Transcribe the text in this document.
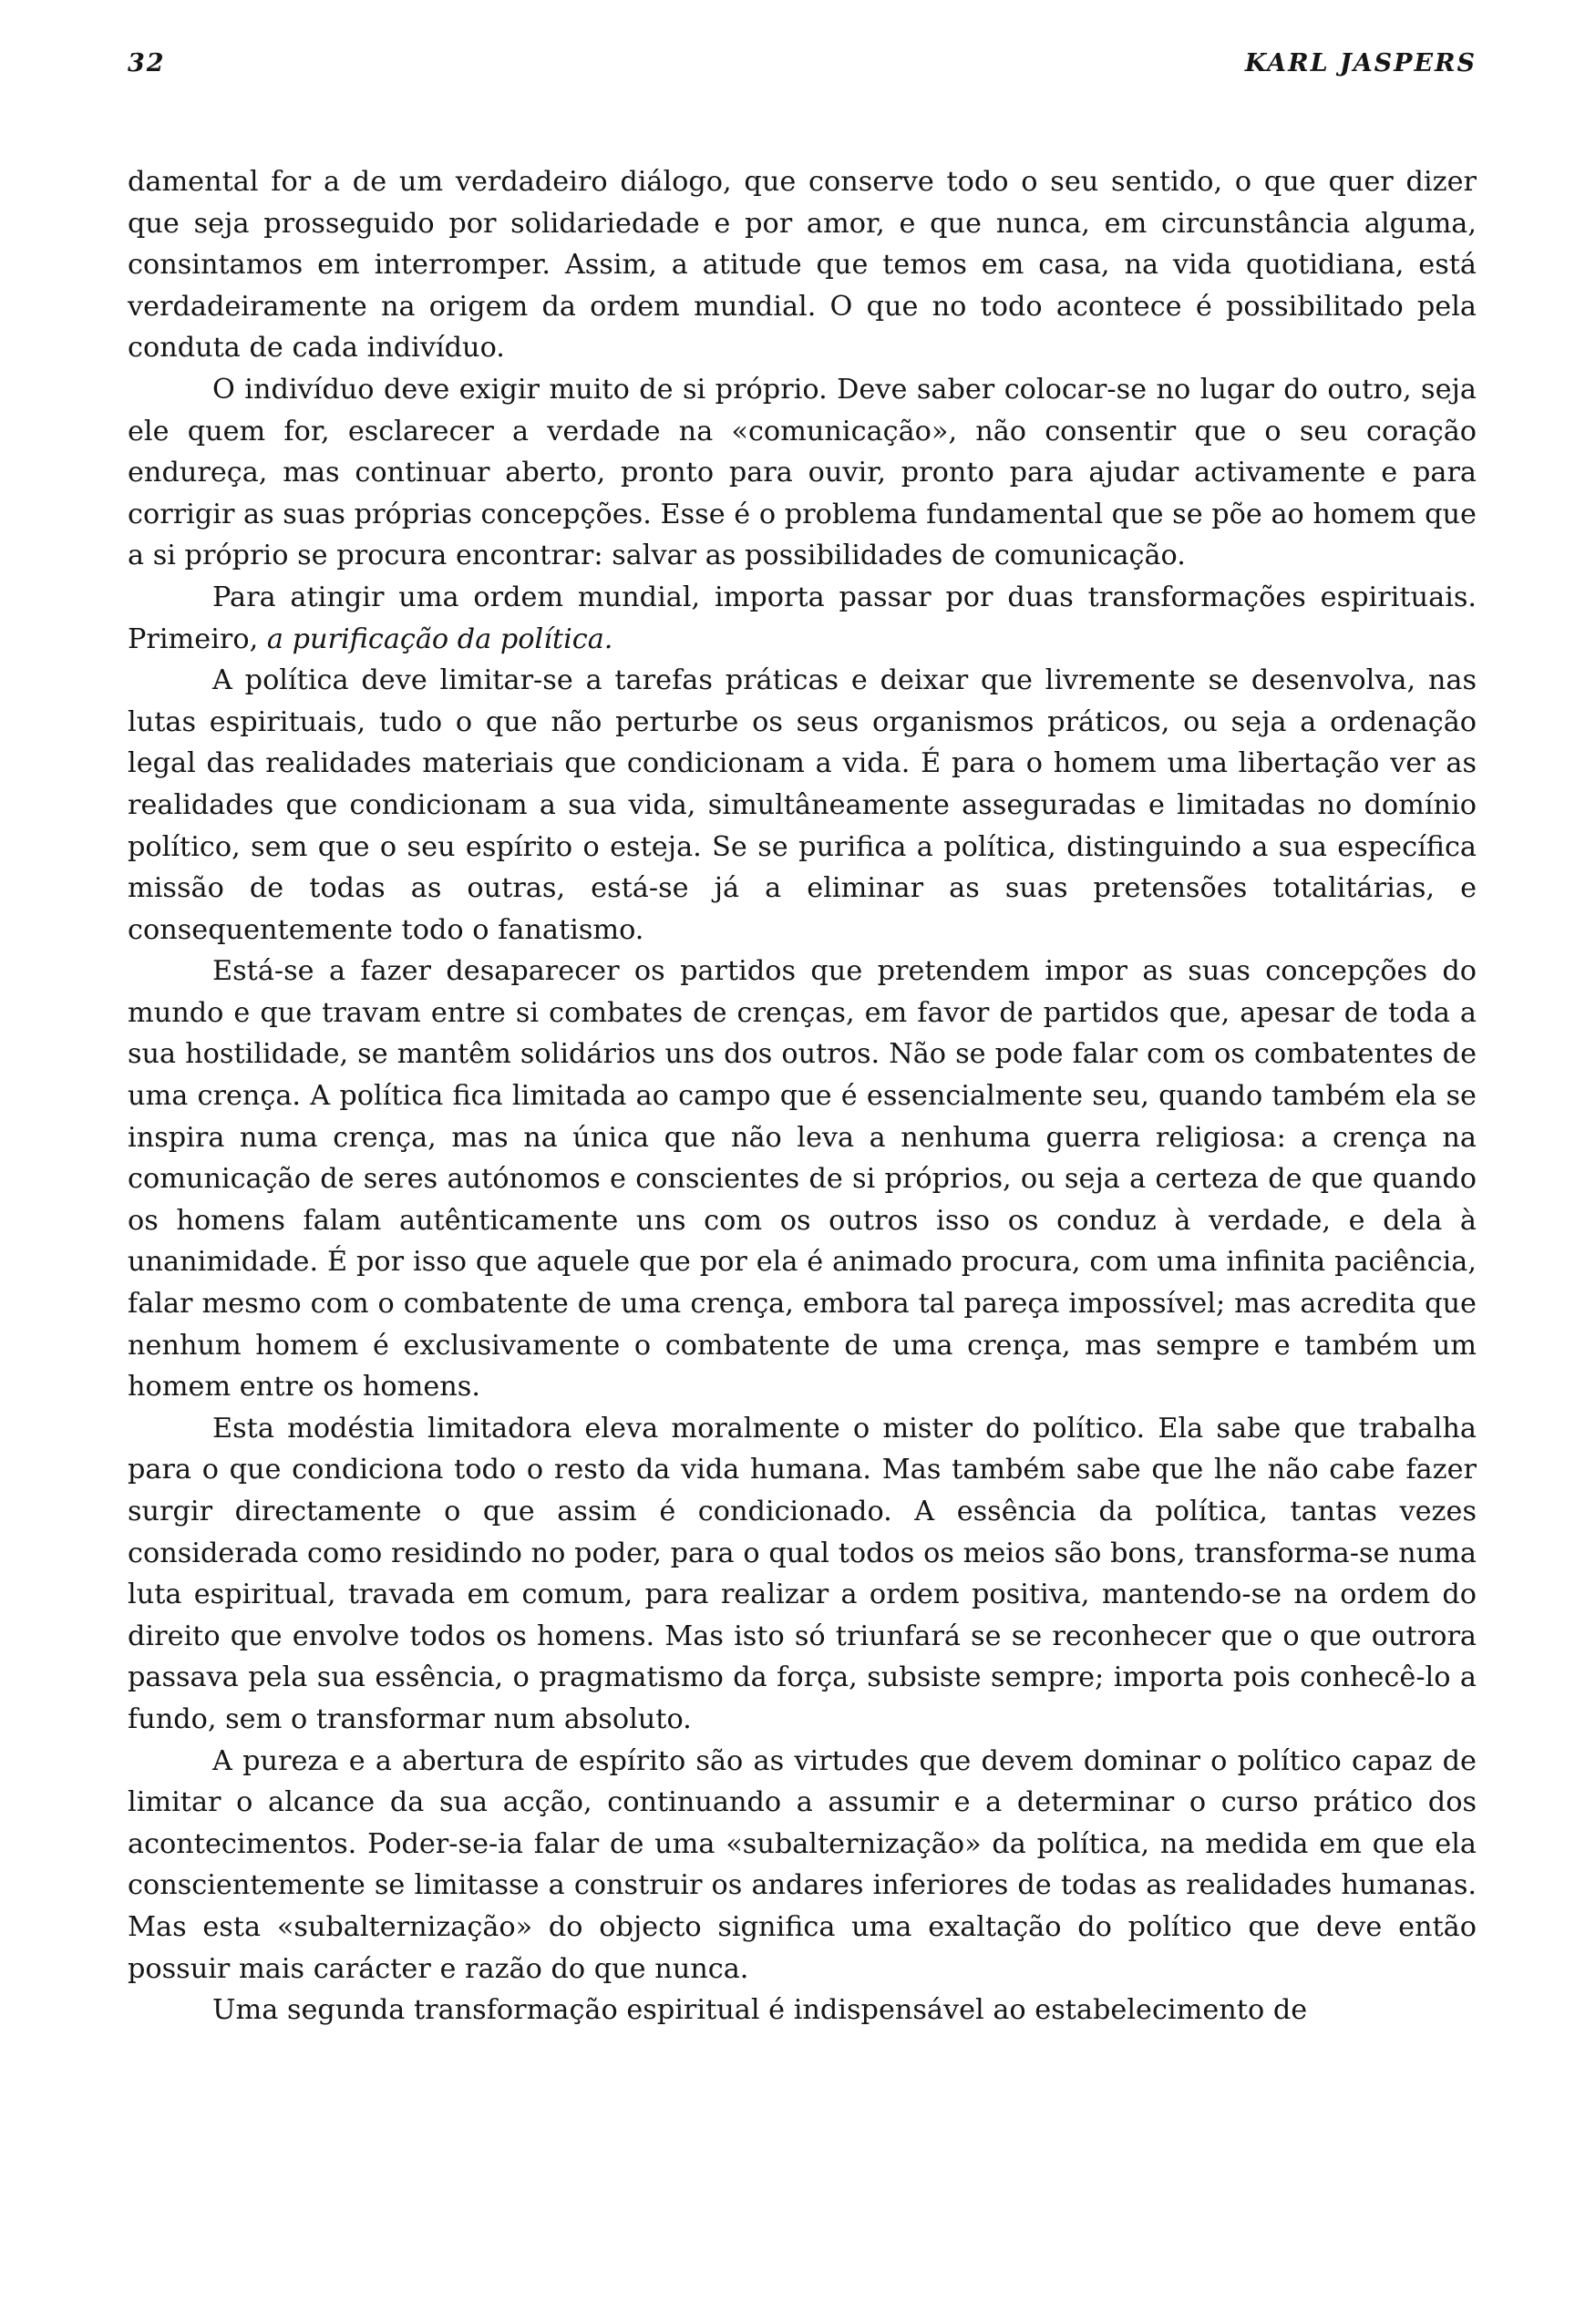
32	KARL JASPERS

damental for a de um verdadeiro diálogo, que conserve todo o seu sentido, o que quer dizer que seja prosseguido por solidariedade e por amor, e que nunca, em circunstância alguma, consintamos em interromper. Assim, a atitude que temos em casa, na vida quotidiana, está verdadeiramente na origem da ordem mundial. O que no todo acontece é possibilitado pela conduta de cada indivíduo.

O indivíduo deve exigir muito de si próprio. Deve saber colocar-se no lugar do outro, seja ele quem for, esclarecer a verdade na «comunicação», não consentir que o seu coração endureça, mas continuar aberto, pronto para ouvir, pronto para ajudar activamente e para corrigir as suas próprias concepções. Esse é o problema fundamental que se põe ao homem que a si próprio se procura encontrar: salvar as possibilidades de comunicação.

Para atingir uma ordem mundial, importa passar por duas transformações espirituais. Primeiro, a purificação da política.

A política deve limitar-se a tarefas práticas e deixar que livremente se desenvolva, nas lutas espirituais, tudo o que não perturbe os seus organismos práticos, ou seja a ordenação legal das realidades materiais que condicionam a vida. É para o homem uma libertação ver as realidades que condicionam a sua vida, simultâneamente asseguradas e limitadas no domínio político, sem que o seu espírito o esteja. Se se purifica a política, distinguindo a sua específica missão de todas as outras, está-se já a eliminar as suas pretensões totalitárias, e consequentemente todo o fanatismo.

Está-se a fazer desaparecer os partidos que pretendem impor as suas concepções do mundo e que travam entre si combates de crenças, em favor de partidos que, apesar de toda a sua hostilidade, se mantêm solidários uns dos outros. Não se pode falar com os combatentes de uma crença. A política fica limitada ao campo que é essencialmente seu, quando também ela se inspira numa crença, mas na única que não leva a nenhuma guerra religiosa: a crença na comunicação de seres autónomos e conscientes de si próprios, ou seja a certeza de que quando os homens falam autênticamente uns com os outros isso os conduz à verdade, e dela à unanimidade. É por isso que aquele que por ela é animado procura, com uma infinita paciência, falar mesmo com o combatente de uma crença, embora tal pareça impossível; mas acredita que nenhum homem é exclusivamente o combatente de uma crença, mas sempre e também um homem entre os homens.

Esta modéstia limitadora eleva moralmente o mister do político. Ela sabe que trabalha para o que condiciona todo o resto da vida humana. Mas também sabe que lhe não cabe fazer surgir directamente o que assim é condicionado. A essência da política, tantas vezes considerada como residindo no poder, para o qual todos os meios são bons, transforma-se numa luta espiritual, travada em comum, para realizar a ordem positiva, mantendo-se na ordem do direito que envolve todos os homens. Mas isto só triunfará se se reconhecer que o que outrora passava pela sua essência, o pragmatismo da força, subsiste sempre; importa pois conhecê-lo a fundo, sem o transformar num absoluto.

A pureza e a abertura de espírito são as virtudes que devem dominar o político capaz de limitar o alcance da sua acção, continuando a assumir e a determinar o curso prático dos acontecimentos. Poder-se-ia falar de uma «subalternização» da política, na medida em que ela conscientemente se limitasse a construir os andares inferiores de todas as realidades humanas. Mas esta «subalternização» do objecto significa uma exaltação do político que deve então possuir mais carácter e razão do que nunca.

Uma segunda transformação espiritual é indispensável ao estabelecimento de
